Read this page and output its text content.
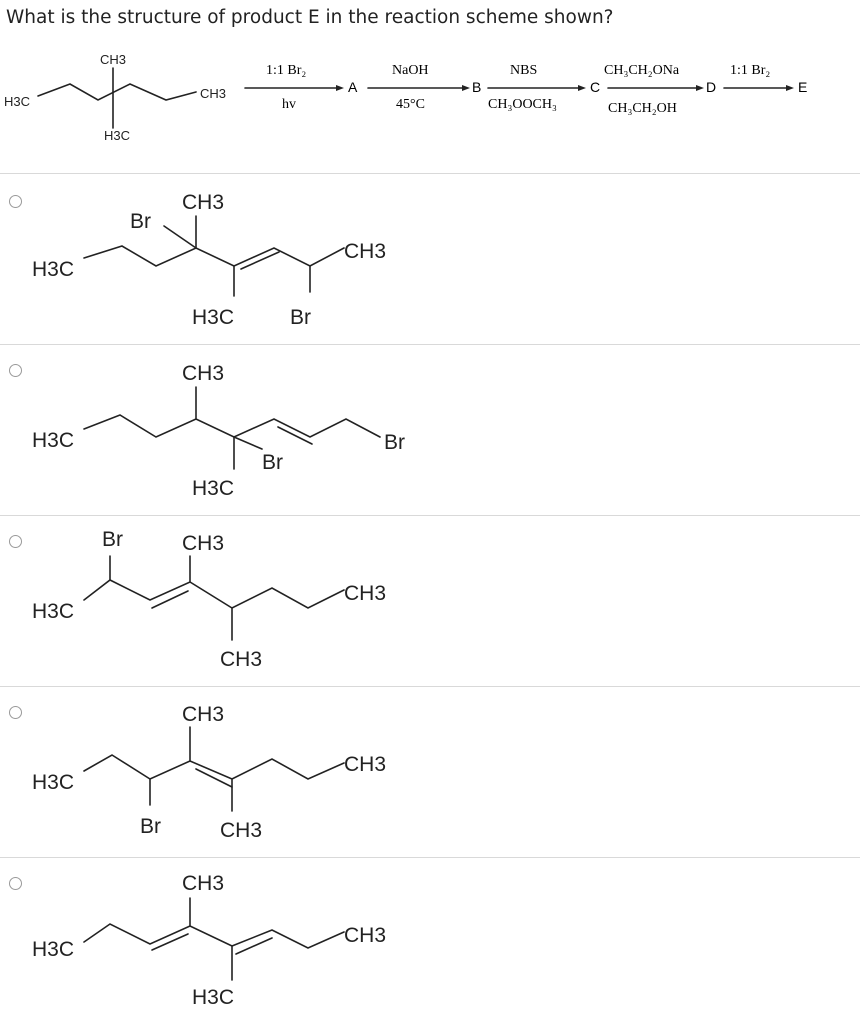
What is the structure of product E in the reaction scheme shown?
CH3
H3C
H3C
CH3
1:1 Br₂
hv
A
NaOH
45°C
B
NBS
CH₃OOCH₃
C
CH₃CH₂ONa
CH₃CH₂OH
D
1:1 Br₂
E
CH3
Br
H3C
CH3
H3C	Br
CH3
H3C	Br
Br
H3C
Br	CH3
H3C
CH3
CH3
CH3
H3C
CH3
Br	CH3
CH3
H3C
CH3
H3C
